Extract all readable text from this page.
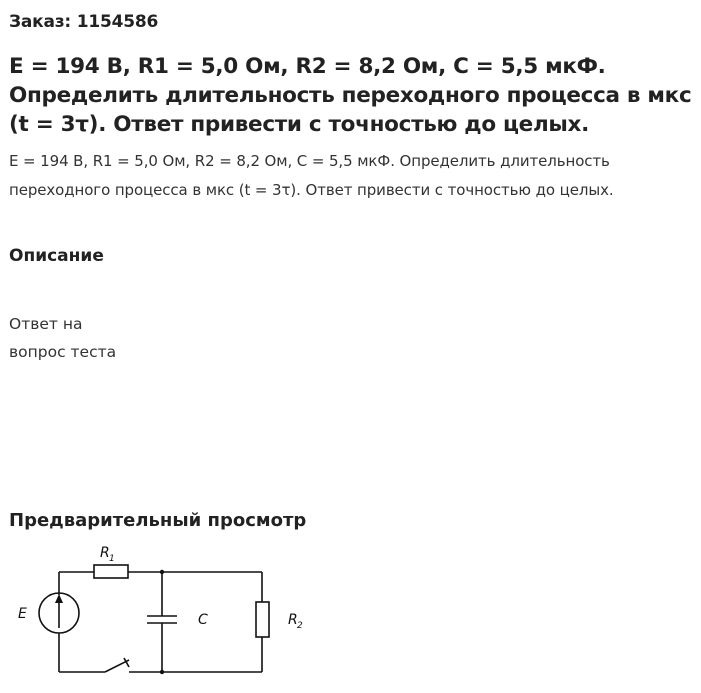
Заказ: 1154586
E = 194 В, R1 = 5,0 Ом, R2 = 8,2 Ом, С = 5,5 мкФ. Определить длительность переходного процесса в мкс (t = 3τ). Ответ привести с точностью до целых.

E = 194 В, R1 = 5,0 Ом, R2 = 8,2 Ом, С = 5,5 мкФ. Определить длительность переходного процесса в мкс (t = 3τ). Ответ привести с точностью до целых.

Описание
Ответ на
вопрос теста
Предварительный просмотр
E
R 1
C	R 2
